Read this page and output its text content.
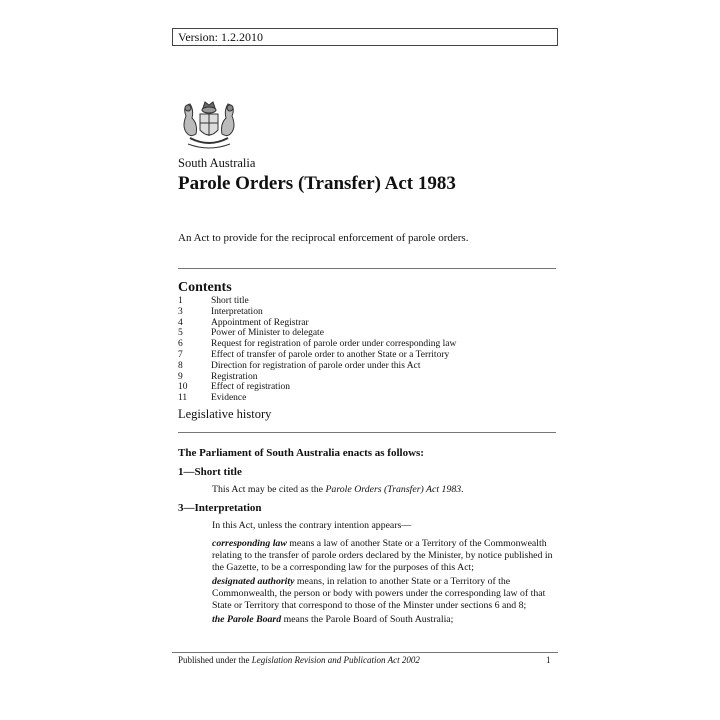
Version: 1.2.2010
South Australia
Parole Orders (Transfer) Act 1983
An Act to provide for the reciprocal enforcement of parole orders.
Contents
1	Short title
3	Interpretation
4	Appointment of Registrar
5	Power of Minister to delegate
6	Request for registration of parole order under corresponding law
7	Effect of transfer of parole order to another State or a Territory
8	Direction for registration of parole order under this Act
9	Registration
10	Effect of registration
11	Evidence
Legislative history
The Parliament of South Australia enacts as follows:
1—Short title
This Act may be cited as the Parole Orders (Transfer) Act 1983.
3—Interpretation
In this Act, unless the contrary intention appears—
corresponding law means a law of another State or a Territory of the Commonwealth relating to the transfer of parole orders declared by the Minister, by notice published in the Gazette, to be a corresponding law for the purposes of this Act;
designated authority means, in relation to another State or a Territory of the Commonwealth, the person or body with powers under the corresponding law of that State or Territory that correspond to those of the Minster under sections 6 and 8;
the Parole Board means the Parole Board of South Australia;
Published under the Legislation Revision and Publication Act 2002	1
